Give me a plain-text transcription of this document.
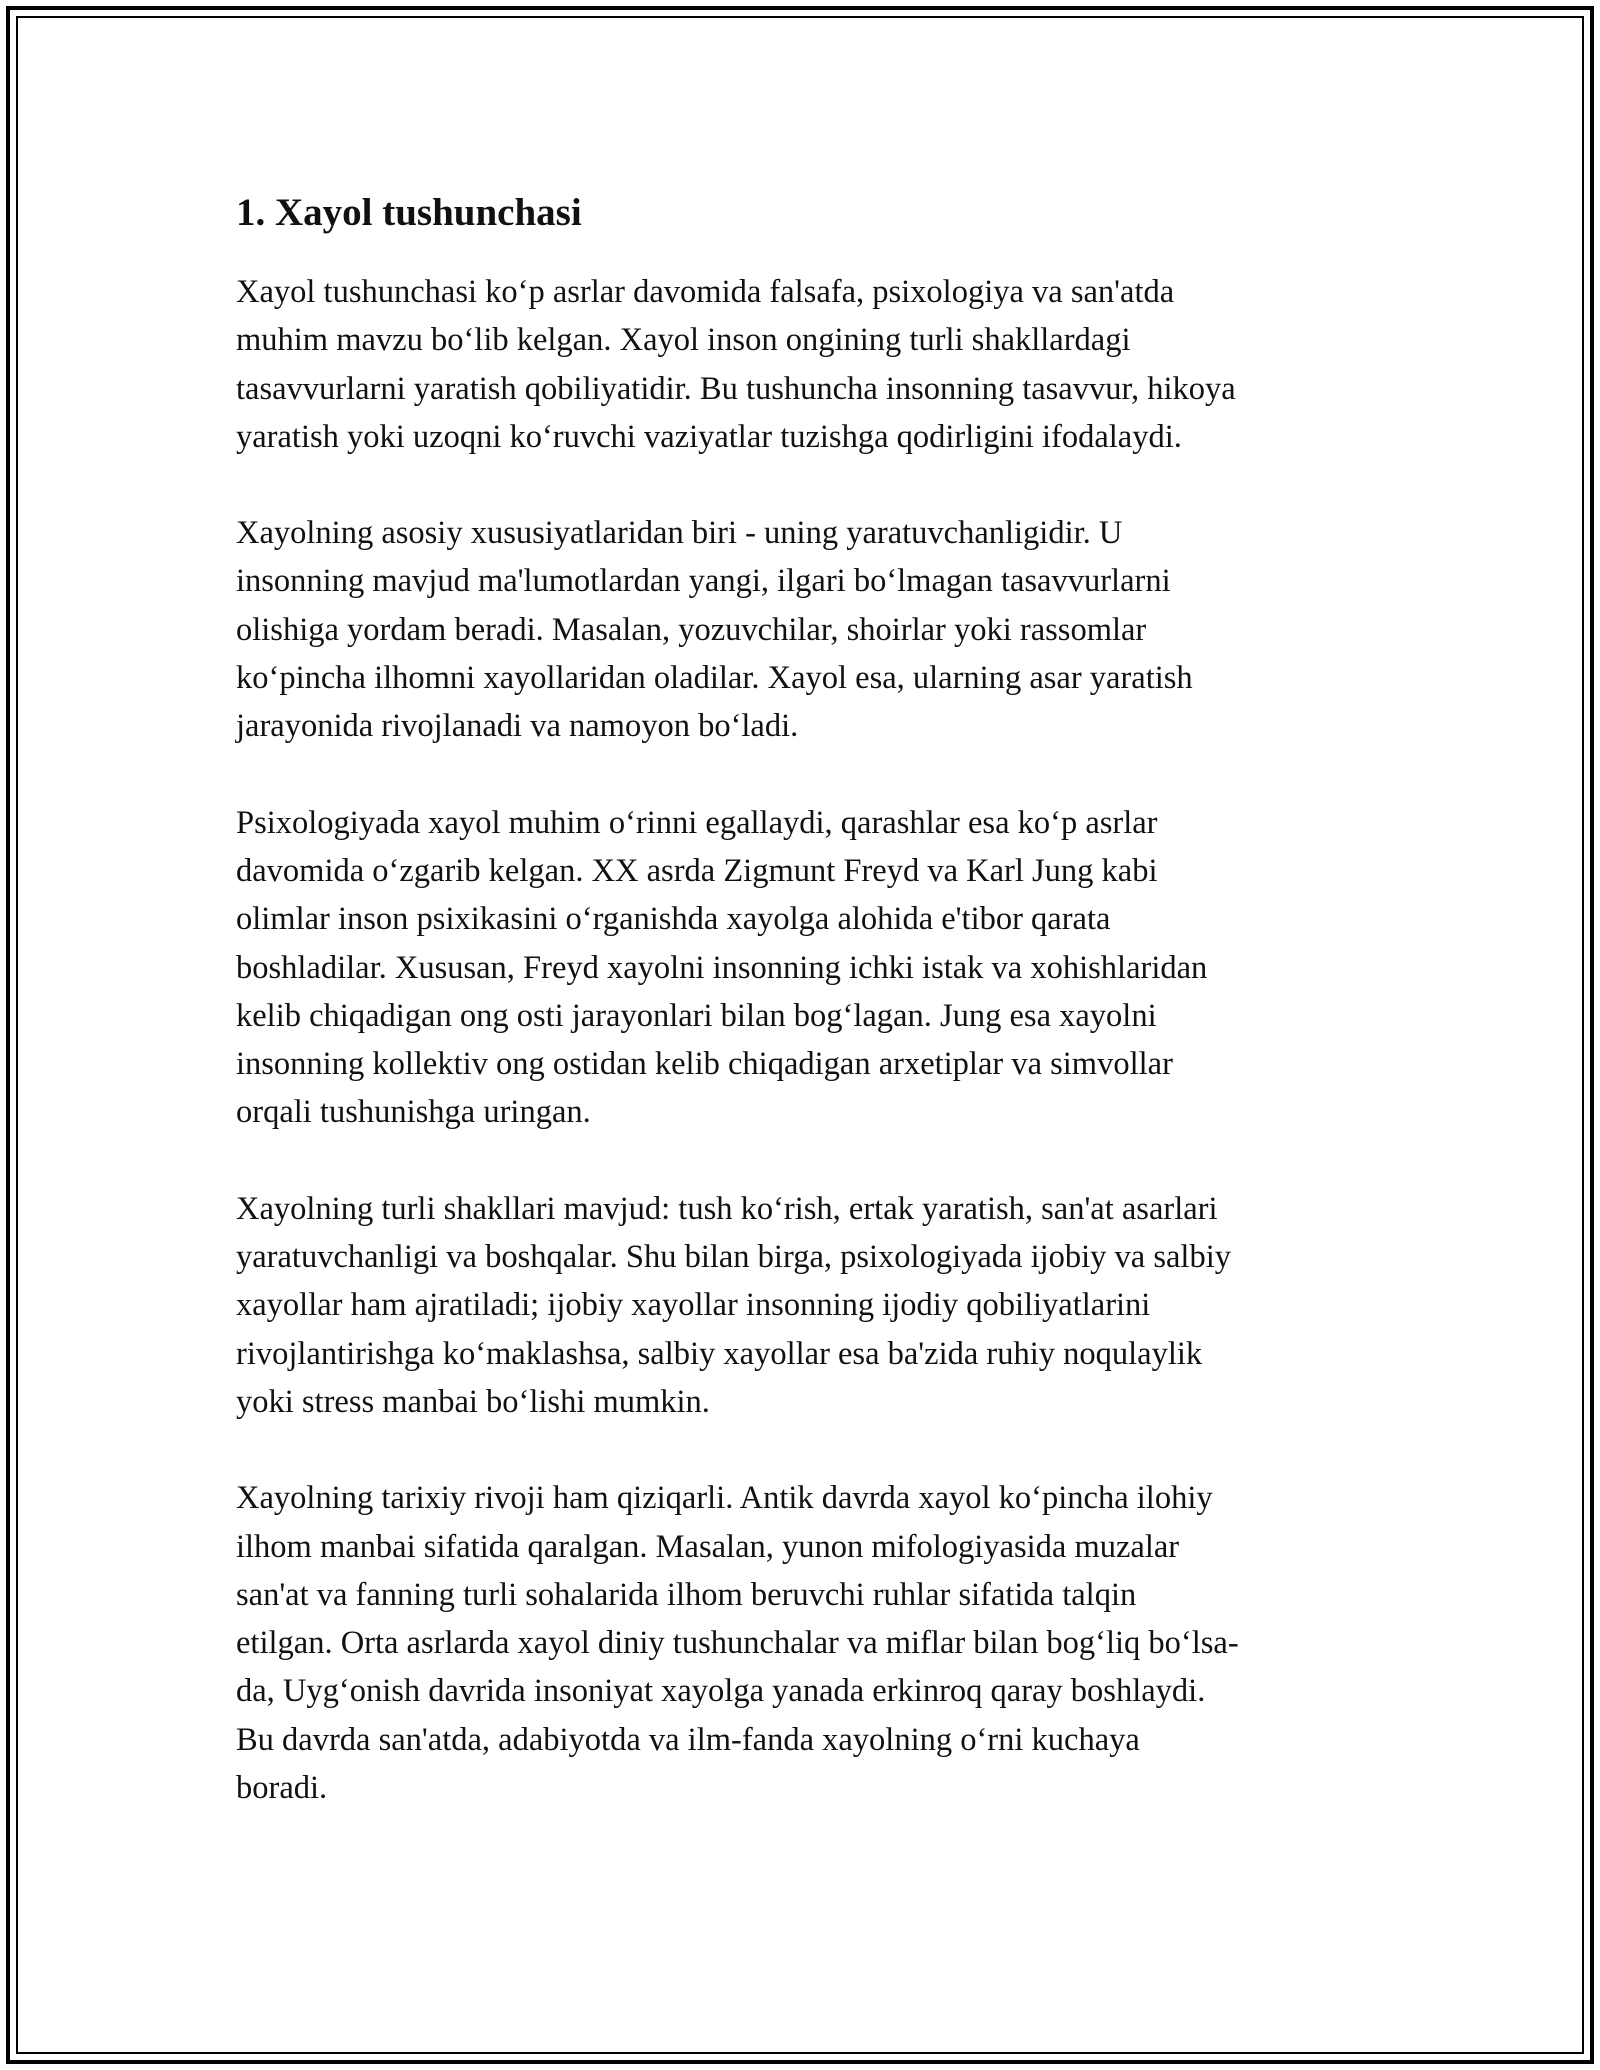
1. Xayol tushunchasi

Xayol tushunchasi ko‘p asrlar davomida falsafa, psixologiya va san'atda
muhim mavzu bo‘lib kelgan. Xayol inson ongining turli shakllardagi
tasavvurlarni yaratish qobiliyatidir. Bu tushuncha insonning tasavvur, hikoya
yaratish yoki uzoqni ko‘ruvchi vaziyatlar tuzishga qodirligini ifodalaydi.

Xayolning asosiy xususiyatlaridan biri - uning yaratuvchanligidir. U
insonning mavjud ma'lumotlardan yangi, ilgari bo‘lmagan tasavvurlarni
olishiga yordam beradi. Masalan, yozuvchilar, shoirlar yoki rassomlar
ko‘pincha ilhomni xayollaridan oladilar. Xayol esa, ularning asar yaratish
jarayonida rivojlanadi va namoyon bo‘ladi.

Psixologiyada xayol muhim o‘rinni egallaydi, qarashlar esa ko‘p asrlar
davomida o‘zgarib kelgan. XX asrda Zigmunt Freyd va Karl Jung kabi
olimlar inson psixikasini o‘rganishda xayolga alohida e'tibor qarata
boshladilar. Xususan, Freyd xayolni insonning ichki istak va xohishlaridan
kelib chiqadigan ong osti jarayonlari bilan bog‘lagan. Jung esa xayolni
insonning kollektiv ong ostidan kelib chiqadigan arxetiplar va simvollar
orqali tushunishga uringan.

Xayolning turli shakllari mavjud: tush ko‘rish, ertak yaratish, san'at asarlari
yaratuvchanligi va boshqalar. Shu bilan birga, psixologiyada ijobiy va salbiy
xayollar ham ajratiladi; ijobiy xayollar insonning ijodiy qobiliyatlarini
rivojlantirishga ko‘maklashsa, salbiy xayollar esa ba'zida ruhiy noqulaylik
yoki stress manbai bo‘lishi mumkin.

Xayolning tarixiy rivoji ham qiziqarli. Antik davrda xayol ko‘pincha ilohiy
ilhom manbai sifatida qaralgan. Masalan, yunon mifologiyasida muzalar
san'at va fanning turli sohalarida ilhom beruvchi ruhlar sifatida talqin
etilgan. Orta asrlarda xayol diniy tushunchalar va miflar bilan bog‘liq bo‘lsa-
da, Uyg‘onish davrida insoniyat xayolga yanada erkinroq qaray boshlaydi.
Bu davrda san'atda, adabiyotda va ilm-fanda xayolning o‘rni kuchaya
boradi.
